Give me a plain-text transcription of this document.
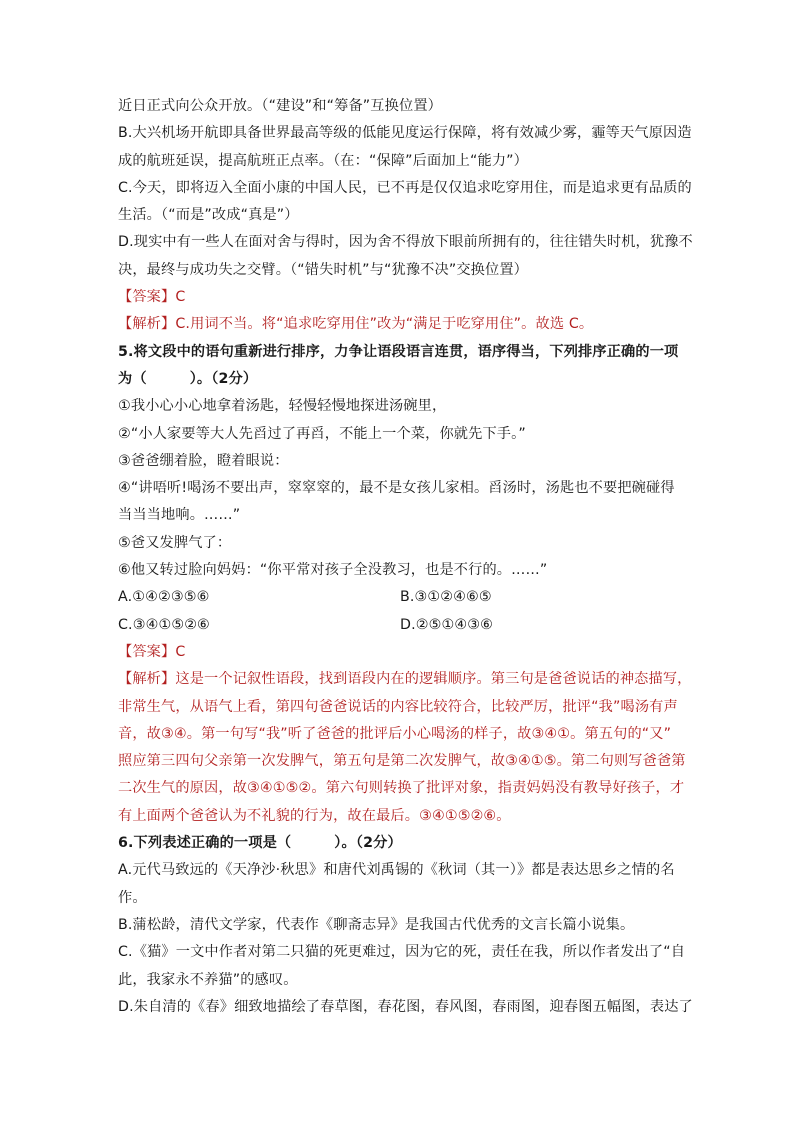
近日正式向公众开放。（“建设”和“筹备”互换位置）
B.大兴机场开航即具备世界最高等级的低能见度运行保障，将有效减少雾，霾等天气原因造
成的航班延误，提高航班正点率。（在：“保障”后面加上“能力”）
C.今天，即将迈入全面小康的中国人民，已不再是仅仅追求吃穿用住，而是追求更有品质的
生活。（“而是”改成“真是”）
D.现实中有一些人在面对舍与得时，因为舍不得放下眼前所拥有的，往往错失时机，犹豫不
决，最终与成功失之交臂。（“错失时机”与“犹豫不决”交换位置）
【答案】C
【解析】C.用词不当。将“追求吃穿用住”改为“满足于吃穿用住”。故选 C。
5.将文段中的语句重新进行排序，力争让语段语言连贯，语序得当，下列排序正确的一项
为（　　　）。（2分）
①我小心小心地拿着汤匙，轻慢轻慢地探进汤碗里，
②“小人家要等大人先舀过了再舀，不能上一个菜，你就先下手。”
③爸爸绷着脸，瞪着眼说：
④“讲唔听!喝汤不要出声，窣窣窣的，最不是女孩儿家相。舀汤时，汤匙也不要把碗碰得
当当当地响。……”
⑤爸又发脾气了：
⑥他又转过脸向妈妈：“你平常对孩子全没教习，也是不行的。……”
A.①④②③⑤⑥	B.③①②④⑥⑤
C.③④①⑤②⑥	D.②⑤①④③⑥
【答案】C
【解析】这是一个记叙性语段，找到语段内在的逻辑顺序。第三句是爸爸说话的神态描写，
非常生气，从语气上看，第四句爸爸说话的内容比较符合，比较严厉，批评“我”喝汤有声
音，故③④。第一句写“我”听了爸爸的批评后小心喝汤的样子，故③④①。第五句的“又”
照应第三四句父亲第一次发脾气，第五句是第二次发脾气，故③④①⑤。第二句则写爸爸第
二次生气的原因，故③④①⑤②。第六句则转换了批评对象，指责妈妈没有教导好孩子，才
有上面两个爸爸认为不礼貌的行为，故在最后。③④①⑤②⑥。
6.下列表述正确的一项是（　　　）。（2分）
A.元代马致远的《天净沙·秋思》和唐代刘禹锡的《秋词（其一）》都是表达思乡之情的名
作。
B.蒲松龄，清代文学家，代表作《聊斋志异》是我国古代优秀的文言长篇小说集。
C.《猫》一文中作者对第二只猫的死更难过，因为它的死，责任在我，所以作者发出了“自
此，我家永不养猫”的感叹。
D.朱自清的《春》细致地描绘了春草图，春花图，春风图，春雨图，迎春图五幅图，表达了
